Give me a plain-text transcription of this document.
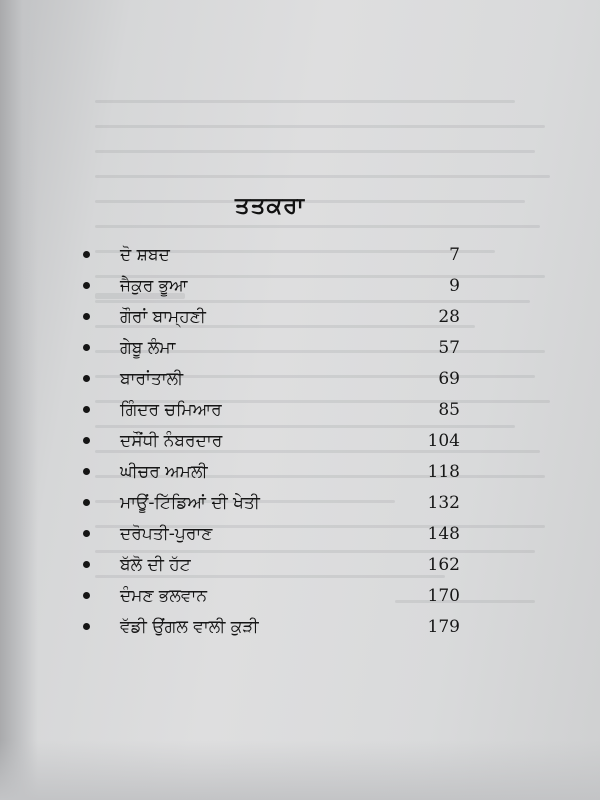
ਤਤਕਰਾ
ਦੋ ਸ਼ਬਦ	7
ਜੈਕੁਰ ਭੂਆ	9
ਗੌਰਾਂ ਬਾਮ੍ਹਣੀ	28
ਗੇਬੂ ਲੰਮਾ	57
ਬਾਰਾਂਤਾਲੀ	69
ਗਿੰਦਰ ਚਮਿਆਰ	85
ਦਸੌਂਧੀ ਨੰਬਰਦਾਰ	104
ਘੀਚਰ ਅਮਲੀ	118
ਮਾਊਂ-ਟਿੱਡਿਆਂ ਦੀ ਖੇਤੀ	132
ਦਰੋਪਤੀ-ਪੁਰਾਣ	148
ਬੱਲੋ ਦੀ ਹੱਟ	162
ਦੰਮਣ ਭਲਵਾਨ	170
ਵੱਡੀ ਉਂਗਲ ਵਾਲੀ ਕੁੜੀ	179
